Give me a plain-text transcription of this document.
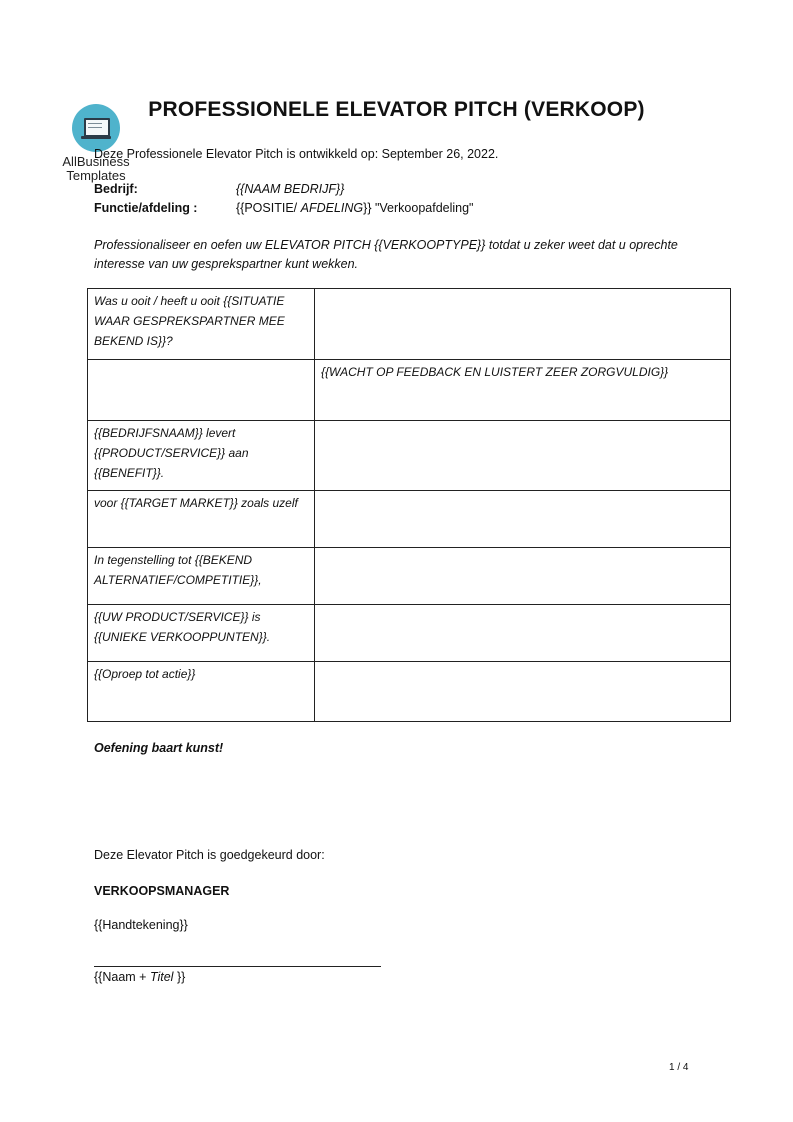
AllBusiness Templates
PROFESSIONELE ELEVATOR PITCH (VERKOOP)
Deze Professionele Elevator Pitch is ontwikkeld op: September 26, 2022.
Bedrijf:	{{NAAM BEDRIJF}}
Functie/afdeling :	{{POSITIE/ AFDELING}} "Verkoopafdeling"
Professionaliseer en oefen uw ELEVATOR PITCH {{VERKOOPTYPE}} totdat u zeker weet dat u oprechte interesse van uw gesprekspartner kunt wekken.
Was u ooit / heeft u ooit {{SITUATIE WAAR GESPREKSPARTNER MEE BEKEND IS}}?	
	{{WACHT OP FEEDBACK EN LUISTERT ZEER ZORGVULDIG}}
{{BEDRIJFSNAAM}} levert {{PRODUCT/SERVICE}} aan {{BENEFIT}}.	
voor {{TARGET MARKET}} zoals uzelf	
In tegenstelling tot {{BEKEND ALTERNATIEF/COMPETITIE}},	
{{UW PRODUCT/SERVICE}} is {{UNIEKE VERKOOPPUNTEN}}.	
{{Oproep tot actie}}	
Oefening baart kunst!
Deze Elevator Pitch is goedgekeurd door:
VERKOOPSMANAGER
{{Handtekening}}
{{Naam + Titel }}
1 / 4
